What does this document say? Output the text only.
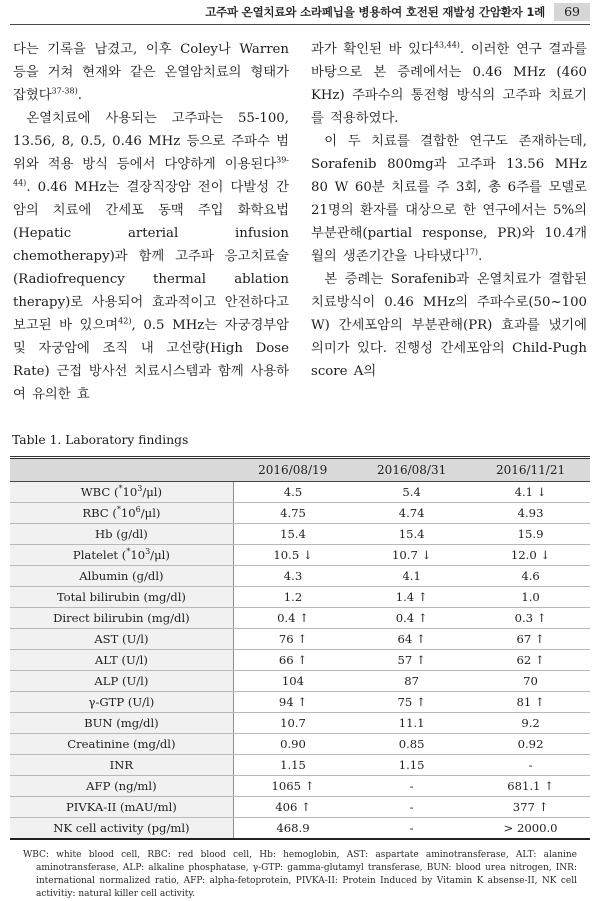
고주파 온열치료와 소라페닙을 병용하여 호전된 재발성 간암환자 1례	69

다는 기록을 남겼고, 이후 Coley나 Warren 등을 거쳐 현재와 같은 온열암치료의 형태가 잡혔다$^{37-38)}$.

온열치료에 사용되는 고주파는 55-100, 13.56, 8, 0.5, 0.46 MHz 등으로 주파수 범위와 적용 방식 등에서 다양하게 이용된다$^{39-44)}$. 0.46 MHz는 결장직장암 전이 다발성 간암의 치료에 간세포 동맥 주입 화학요법(Hepatic arterial infusion chemotherapy)과 함께 고주파 응고치료술(Radiofrequency thermal ablation therapy)로 사용되어 효과적이고 안전하다고 보고된 바 있으며$^{42)}$, 0.5 MHz는 자궁경부암 및 자궁암에 조직 내 고선량(High Dose Rate) 근접 방사선 치료시스템과 함께 사용하여 유의한 효

과가 확인된 바 있다$^{43,44)}$. 이러한 연구 결과를 바탕으로 본 증례에서는 0.46 MHz (460 KHz) 주파수의 통전형 방식의 고주파 치료기를 적용하였다.

이 두 치료를 결합한 연구도 존재하는데, Sorafenib 800mg과 고주파 13.56 MHz 80 W 60분 치료를 주 3회, 총 6주를 모델로 21명의 환자를 대상으로 한 연구에서는 5%의 부분관해(partial response, PR)와 10.4개월의 생존기간을 나타냈다$^{17)}$.

본 증례는 Sorafenib과 온열치료가 결합된 치료방식이 0.46 MHz의 주파수로(50~100 W) 간세포암의 부분관해(PR) 효과를 냈기에 의미가 있다. 진행성 간세포암의 Child-Pugh score A의

Table 1. Laboratory findings

	2016/08/19	2016/08/31	2016/11/21
WBC $(^*10^3/\mu l)$	4.5	5.4	4.1 ↓
RBC $(^*10^6/\mu l)$	4.75	4.74	4.93
Hb (g/dl)	15.4	15.4	15.9
Platelet $(^*10^3/\mu l)$	10.5 ↓	10.7 ↓	12.0 ↓
Albumin (g/dl)	4.3	4.1	4.6
Total bilirubin (mg/dl)	1.2	1.4 ↑	1.0
Direct bilirubin (mg/dl)	0.4 ↑	0.4 ↑	0.3 ↑
AST (U/l)	76 ↑	64 ↑	67 ↑
ALT (U/l)	66 ↑	57 ↑	62 ↑
ALP (U/l)	104	87	70
γ-GTP (U/l)	94 ↑	75 ↑	81 ↑
BUN (mg/dl)	10.7	11.1	9.2
Creatinine (mg/dl)	0.90	0.85	0.92
INR	1.15	1.15	-
AFP (ng/ml)	1065 ↑	-	681.1 ↑
PIVKA-II (mAU/ml)	406 ↑	-	377 ↑
NK cell activity (pg/ml)	468.9	-	> 2000.0

WBC: white blood cell, RBC: red blood cell, Hb: hemoglobin, AST: aspartate aminotransferase, ALT: alanine aminotransferase, ALP: alkaline phosphatase, γ-GTP: gamma-glutamyl transferase, BUN: blood urea nitrogen, INR: international normalized ratio, AFP: alpha-fetoprotein, PIVKA-II: Protein Induced by Vitamin K absense-II, NK cell activitiy: natural killer cell activity.
